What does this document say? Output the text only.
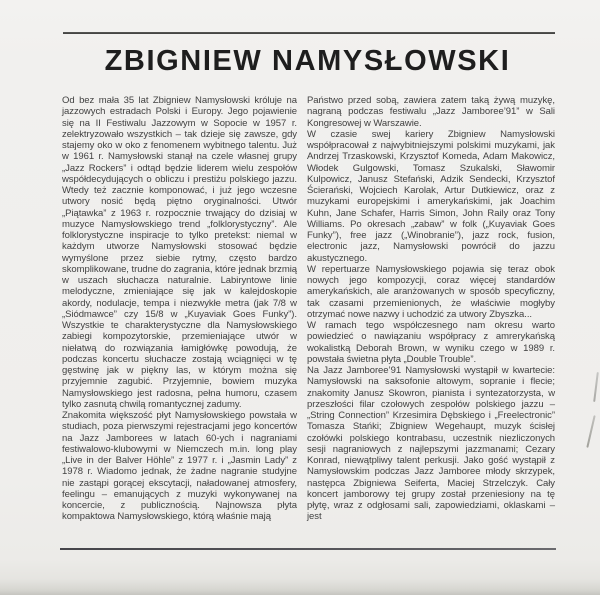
ZBIGNIEW NAMYSŁOWSKI

Od bez mała 35 lat Zbigniew Namysłowski króluje na jazzowych estradach Polski i Europy. Jego pojawienie się na II Festiwalu Jazzowym w Sopocie w 1957 r. zelektryzowało wszystkich – tak dzieje się zawsze, gdy stajemy oko w oko z fenomenem wybitnego talentu. Już w 1961 r. Namysłowski stanął na czele własnej grupy „Jazz Rockers” i odtąd będzie liderem wielu zespołów współdecydujących o obliczu i prestiżu polskiego jazzu. Wtedy też zacznie komponować, i już jego wczesne utwory nosić będą piętno oryginalności. Utwór „Piątawka” z 1963 r. rozpocznie trwający do dzisiaj w muzyce Namysłowskiego trend „folklorystyczny”. Ale folklorystyczne inspiracje to tylko pretekst: niemal w każdym utworze Namysłowski stosować będzie wymyślone przez siebie rytmy, często bardzo skomplikowane, trudne do zagrania, które jednak brzmią w uszach słuchacza naturalnie. Labiryntowe linie melodyczne, zmieniające się jak w kalejdoskopie akordy, nodulacje, tempa i niezwykłe metra (jak 7/8 w „Siódmawce” czy 15/8 w „Kuyaviak Goes Funky”). Wszystkie te charakterystyczne dla Namysłowskiego zabiegi kompozytorskie, przemieniające utwór w niełatwą do rozwiązania łamigłówkę powodują, że podczas koncertu słuchacze zostają wciągnięci w tę gęstwinę jak w piękny las, w którym można się przyjemnie zagubić. Przyjemnie, bowiem muzyka Namysłowskiego jest radosna, pełna humoru, czasem tylko zasnutą chwilą romantycznej zadumy.

Znakomita większość płyt Namysłowskiego powstała w studiach, poza pierwszymi rejestracjami jego koncertów na Jazz Jamborees w latach 60-ych i nagraniami festiwalowo-klubowymi w Niemczech m.in. long play „Live in der Balver Höhle” z 1977 r. i „Jasmin Lady” z 1978 r. Wiadomo jednak, że żadne nagranie studyjne nie zastąpi gorącej ekscytacji, naładowanej atmosfery, feelingu – emanujących z muzyki wykonywanej na koncercie, z publicznością. Najnowsza płyta kompaktowa Namysłowskiego, którą właśnie mają

Państwo przed sobą, zawiera zatem taką żywą muzykę, nagraną podczas festiwalu „Jazz Jamboree’91” w Sali Kongresowej w Warszawie.

W czasie swej kariery Zbigniew Namysłowski współpracował z najwybitniejszymi polskimi muzykami, jak Andrzej Trzaskowski, Krzysztof Komeda, Adam Makowicz, Włodek Gulgowski, Tomasz Szukalski, Sławomir Kulpowicz, Janusz Stefański, Adzik Sendecki, Krzysztof Ścierański, Wojciech Karolak, Artur Dutkiewicz, oraz z muzykami europejskimi i amerykańskimi, jak Joachim Kuhn, Jane Schafer, Harris Simon, John Raily oraz Tony Williams. Po okresach „zabaw” w folk („Kuyaviak Goes Funky”), free jazz („Winobranie”), jazz rock, fusion, electronic jazz, Namysłowski powrócił do jazzu akustycznego.

W repertuarze Namysłowskiego pojawia się teraz obok nowych jego kompozycji, coraz więcej standardów amerykańskich, ale aranżowanych w sposób specyficzny, tak czasami przemienionych, że właściwie mogłyby otrzymać nowe nazwy i uchodzić za utwory Zbyszka...

W ramach tego współczesnego nam okresu warto powiedzieć o nawiązaniu współpracy z amrerykańską wokalistką Deborah Brown, w wyniku czego w 1989 r. powstała świetna płyta „Double Trouble”.

Na Jazz Jamboree’91 Namysłowski wystąpił w kwartecie: Namysłowski na saksofonie altowym, sopranie i flecie; znakomity Janusz Skowron, pianista i syntezatorzysta, w przeszłości filar czołowych zespołów polskiego jazzu – „String Connection” Krzesimira Dębskiego i „Freelectronic” Tomasza Stańki; Zbigniew Wegehaupt, muzyk ścisłej czołówki polskiego kontrabasu, uczestnik niezliczonych sesji nagraniowych z najlepszymi jazzmanami; Cezary Konrad, niewątpliwy talent perkusji. Jako gość wystąpił z Namysłowskim podczas Jazz Jamboree młody skrzypek, następca Zbigniewa Seiferta, Maciej Strzelczyk. Cały koncert jamborowy tej grupy został przeniesiony na tę płytę, wraz z odgłosami sali, zapowiedziami, oklaskami – jest
